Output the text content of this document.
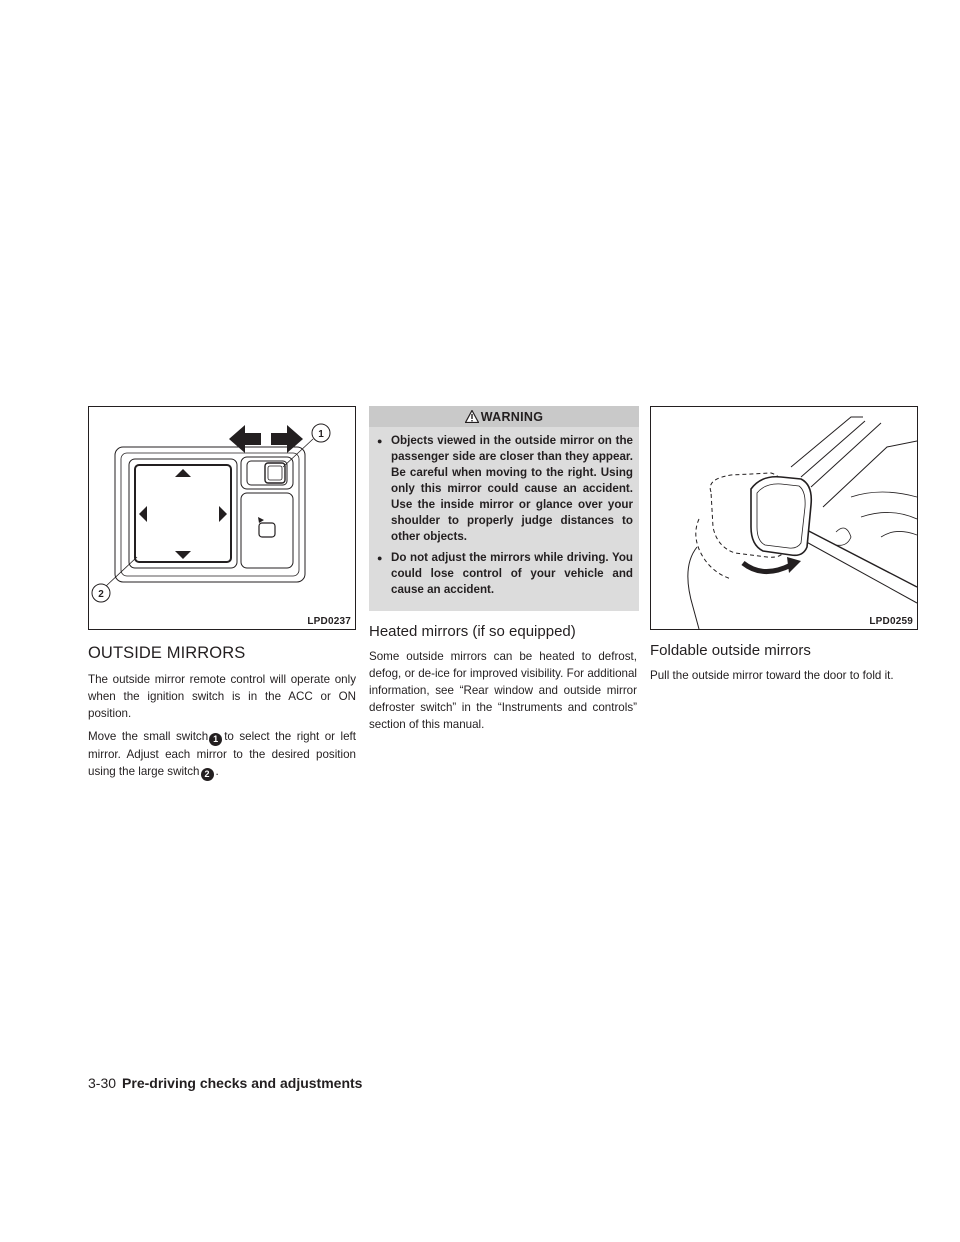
1
2
LPD0237
OUTSIDE MIRRORS

The outside mirror remote control will operate only when the ignition switch is in the ACC or ON position.

Move the small switch 1 to select the right or left mirror. Adjust each mirror to the desired position using the large switch 2 .

WARNING
● Objects viewed in the outside mirror on the passenger side are closer than they appear. Be careful when moving to the right. Using only this mirror could cause an accident. Use the inside mirror or glance over your shoulder to properly judge distances to other objects.
● Do not adjust the mirrors while driving. You could lose control of your vehicle and cause an accident.
Heated mirrors (if so equipped)

Some outside mirrors can be heated to defrost, defog, or de-ice for improved visibility. For additional information, see “Rear window and outside mirror defroster switch” in the “Instruments and controls” section of this manual.

LPD0259
Foldable outside mirrors

Pull the outside mirror toward the door to fold it.

3-30 Pre-driving checks and adjustments
